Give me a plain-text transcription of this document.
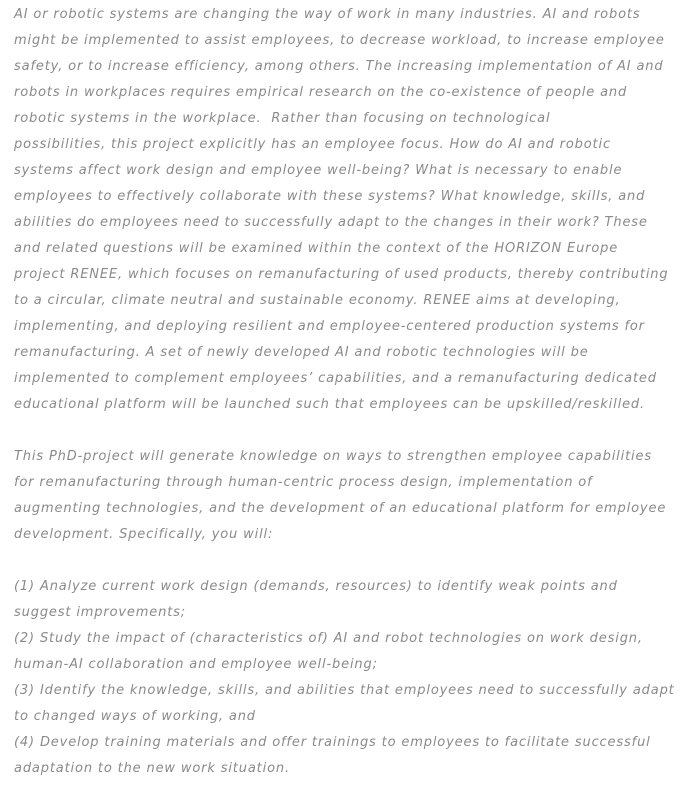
AI or robotic systems are changing the way of work in many industries. AI and robots
might be implemented to assist employees, to decrease workload, to increase employee
safety, or to increase efficiency, among others. The increasing implementation of AI and
robots in workplaces requires empirical research on the co-existence of people and
robotic systems in the workplace.  Rather than focusing on technological
possibilities, this project explicitly has an employee focus. How do AI and robotic
systems affect work design and employee well-being? What is necessary to enable
employees to effectively collaborate with these systems? What knowledge, skills, and
abilities do employees need to successfully adapt to the changes in their work? These
and related questions will be examined within the context of the HORIZON Europe
project RENEE, which focuses on remanufacturing of used products, thereby contributing
to a circular, climate neutral and sustainable economy. RENEE aims at developing,
implementing, and deploying resilient and employee-centered production systems for
remanufacturing. A set of newly developed AI and robotic technologies will be
implemented to complement employees’ capabilities, and a remanufacturing dedicated
educational platform will be launched such that employees can be upskilled/reskilled.
This PhD-project will generate knowledge on ways to strengthen employee capabilities
for remanufacturing through human-centric process design, implementation of
augmenting technologies, and the development of an educational platform for employee
development. Specifically, you will:
(1) Analyze current work design (demands, resources) to identify weak points and
suggest improvements;
(2) Study the impact of (characteristics of) AI and robot technologies on work design,
human-AI collaboration and employee well-being;
(3) Identify the knowledge, skills, and abilities that employees need to successfully adapt
to changed ways of working, and
(4) Develop training materials and offer trainings to employees to facilitate successful
adaptation to the new work situation.
